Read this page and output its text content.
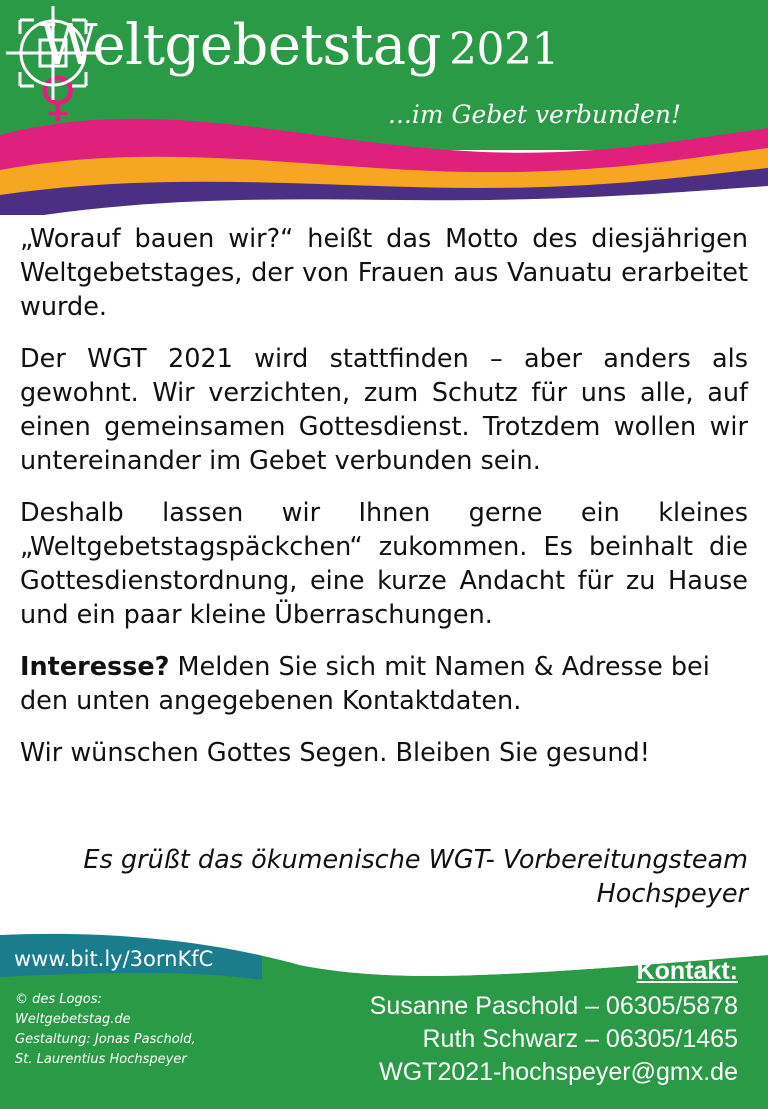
♀
Weltgebetstag 2021
...im Gebet verbunden!

„Worauf bauen wir?“ heißt das Motto des diesjährigen Weltgebetstages, der von Frauen aus Vanuatu erarbeitet wurde.

Der WGT 2021 wird stattfinden – aber anders als gewohnt. Wir verzichten, zum Schutz für uns alle, auf einen gemeinsamen Gottesdienst. Trotzdem wollen wir untereinander im Gebet verbunden sein.

Deshalb lassen wir Ihnen gerne ein kleines „Weltgebetstagspäckchen“ zukommen. Es beinhalt die Gottesdienstordnung, eine kurze Andacht für zu Hause und ein paar kleine Überraschungen.

Interesse? Melden Sie sich mit Namen & Adresse bei den unten angegebenen Kontaktdaten.

Wir wünschen Gottes Segen. Bleiben Sie gesund!

Es grüßt das ökumenische WGT- Vorbereitungsteam
Hochspeyer
www.bit.ly/3ornKfC
© des Logos:
Weltgebetstag.de
Gestaltung: Jonas Paschold,
St. Laurentius Hochspeyer
Kontakt:
Susanne Paschold – 06305/5878
Ruth Schwarz – 06305/1465
WGT2021-hochspeyer@gmx.de
